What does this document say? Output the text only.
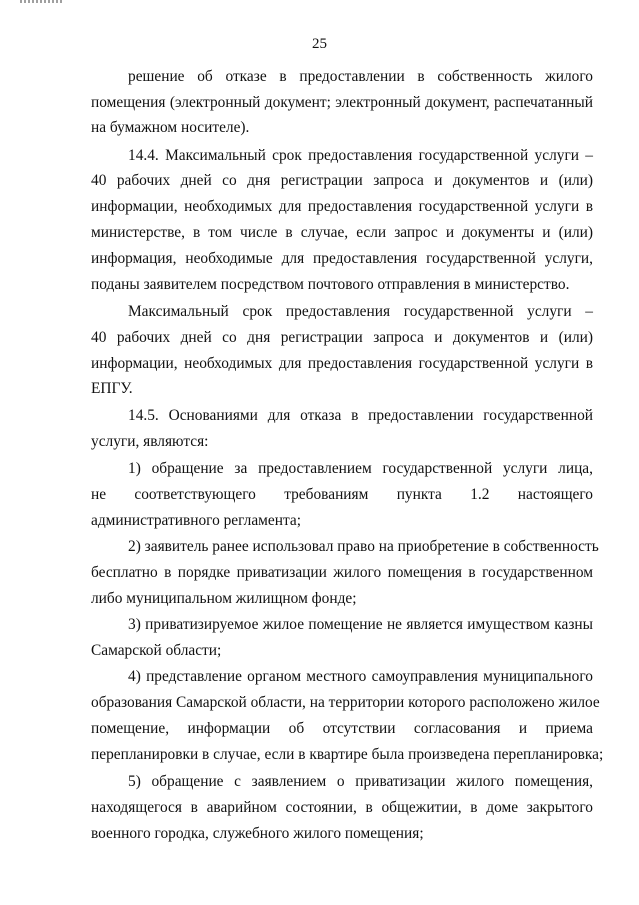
25
решение об отказе в предоставлении в собственность жилого
помещения (электронный документ; электронный документ, распечатанный
на бумажном носителе).
14.4. Максимальный срок предоставления государственной услуги –
40 рабочих дней со дня регистрации запроса и документов и (или)
информации, необходимых для предоставления государственной услуги в
министерстве, в том числе в случае, если запрос и документы и (или)
информация, необходимые для предоставления государственной услуги,
поданы заявителем посредством почтового отправления в министерство.
Максимальный срок предоставления государственной услуги –
40 рабочих дней со дня регистрации запроса и документов и (или)
информации, необходимых для предоставления государственной услуги в
ЕПГУ.
14.5. Основаниями для отказа в предоставлении государственной
услуги, являются:
1) обращение за предоставлением государственной услуги лица,
не соответствующего требованиям пункта 1.2 настоящего
административного регламента;
2) заявитель ранее использовал право на приобретение в собственность
бесплатно в порядке приватизации жилого помещения в государственном
либо муниципальном жилищном фонде;
3) приватизируемое жилое помещение не является имуществом казны
Самарской области;
4) представление органом местного самоуправления муниципального
образования Самарской области, на территории которого расположено жилое
помещение, информации об отсутствии согласования и приема
перепланировки в случае, если в квартире была произведена перепланировка;
5) обращение с заявлением о приватизации жилого помещения,
находящегося в аварийном состоянии, в общежитии, в доме закрытого
военного городка, служебного жилого помещения;
